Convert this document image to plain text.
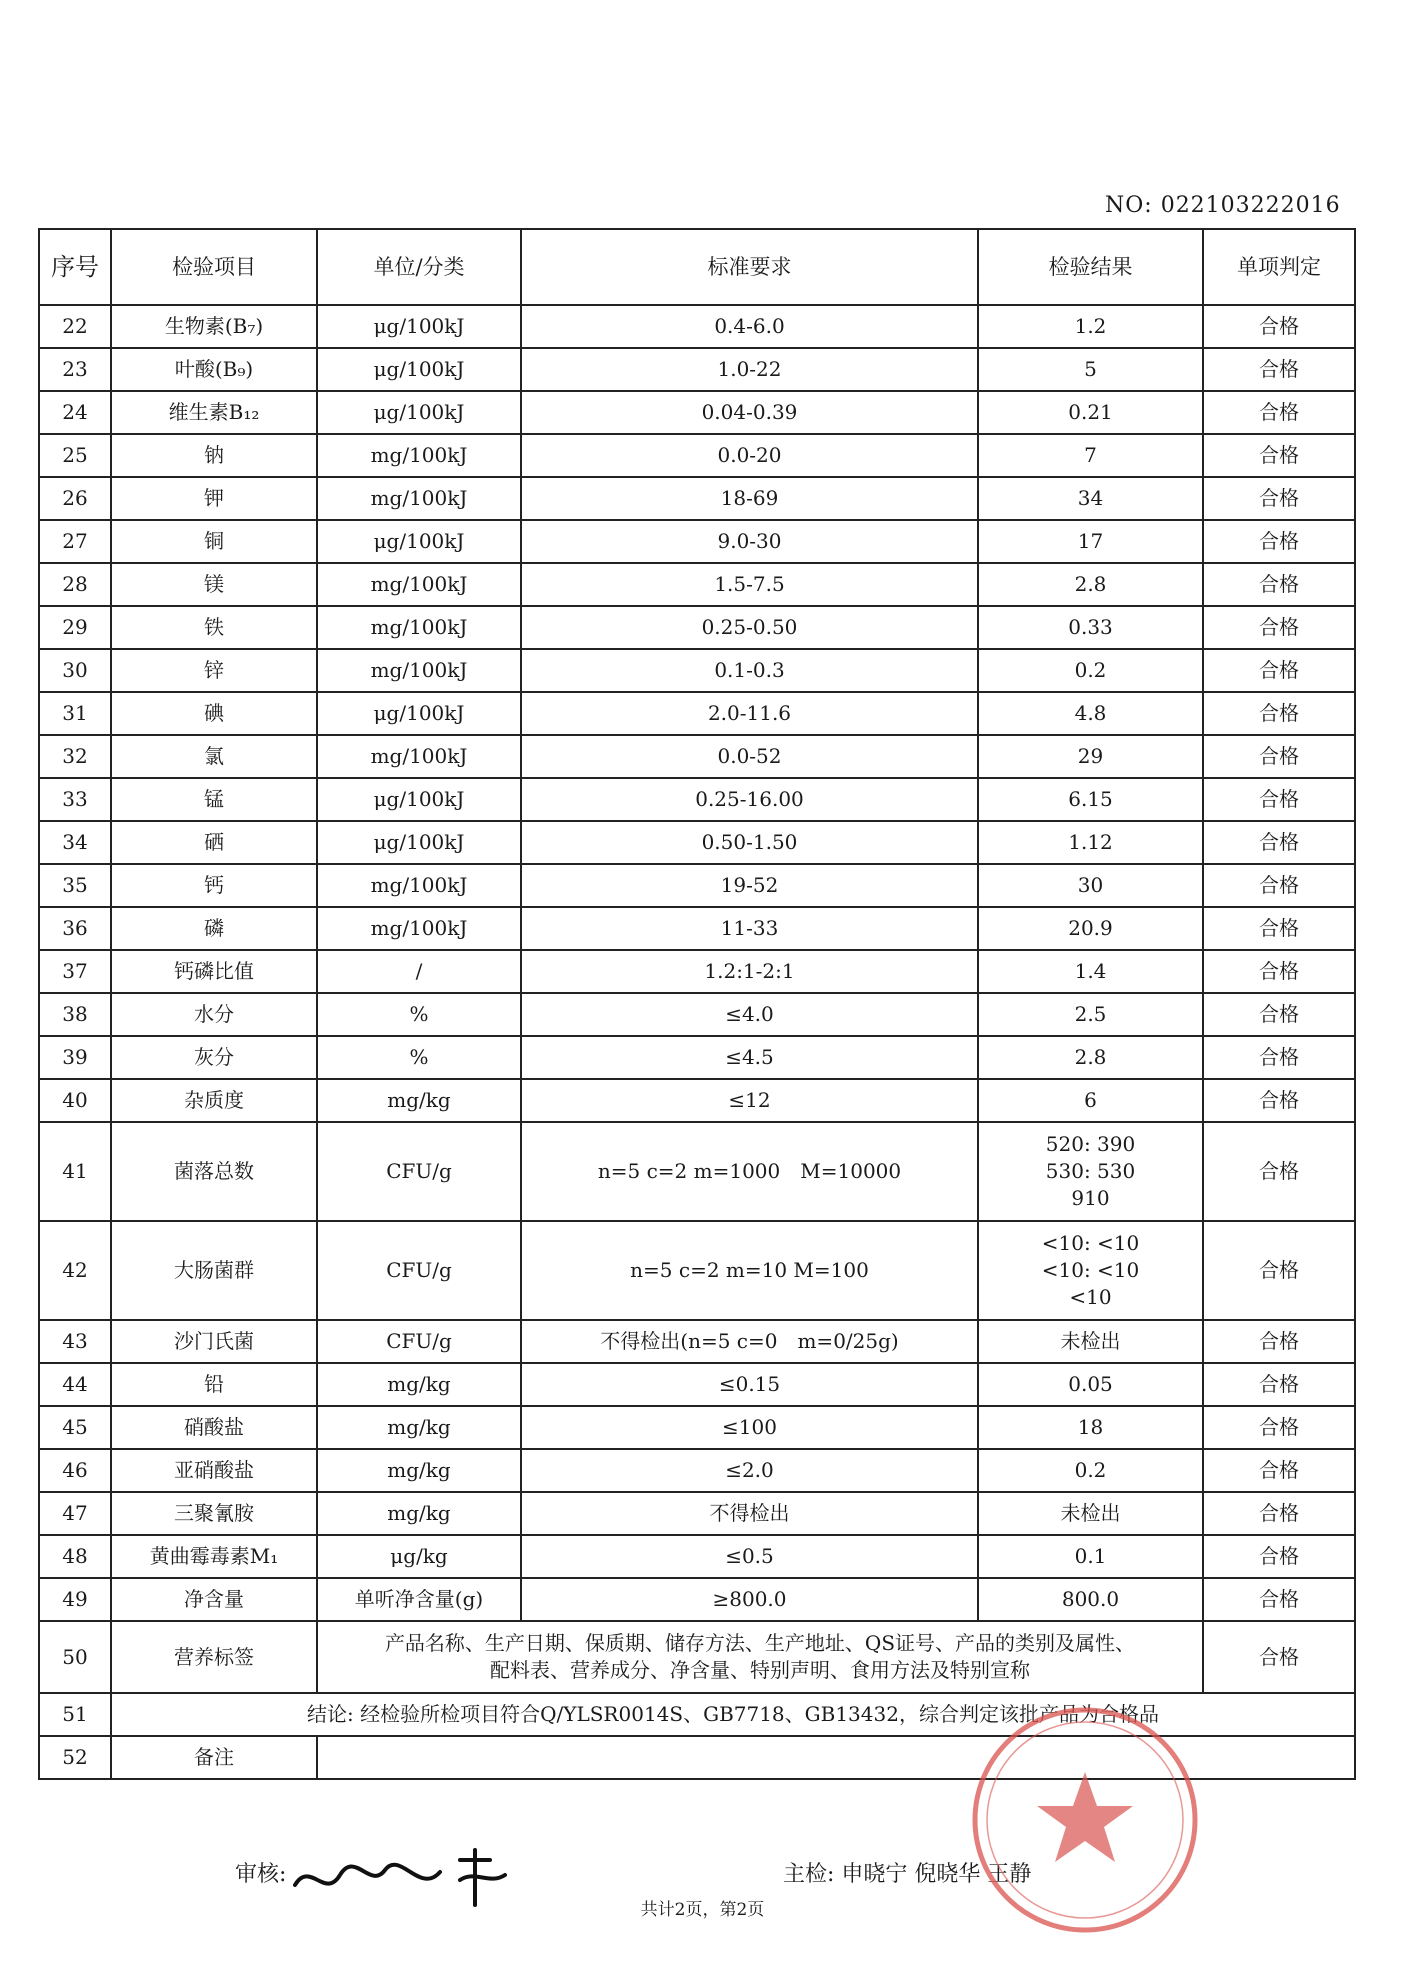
NO: 022103222016
序号	检验项目	单位/分类	标准要求	检验结果	单项判定
22	生物素(B₇)	μg/100kJ	0.4-6.0	1.2	合格
23	叶酸(B₉)	μg/100kJ	1.0-22	5	合格
24	维生素B₁₂	μg/100kJ	0.04-0.39	0.21	合格
25	钠	mg/100kJ	0.0-20	7	合格
26	钾	mg/100kJ	18-69	34	合格
27	铜	μg/100kJ	9.0-30	17	合格
28	镁	mg/100kJ	1.5-7.5	2.8	合格
29	铁	mg/100kJ	0.25-0.50	0.33	合格
30	锌	mg/100kJ	0.1-0.3	0.2	合格
31	碘	μg/100kJ	2.0-11.6	4.8	合格
32	氯	mg/100kJ	0.0-52	29	合格
33	锰	μg/100kJ	0.25-16.00	6.15	合格
34	硒	μg/100kJ	0.50-1.50	1.12	合格
35	钙	mg/100kJ	19-52	30	合格
36	磷	mg/100kJ	11-33	20.9	合格
37	钙磷比值	/	1.2:1-2:1	1.4	合格
38	水分	%	≤4.0	2.5	合格
39	灰分	%	≤4.5	2.8	合格
40	杂质度	mg/kg	≤12	6	合格
41	菌落总数	CFU/g	n=5 c=2 m=1000　M=10000	520: 390
530: 530
910	合格
42	大肠菌群	CFU/g	n=5 c=2 m=10 M=100	<10: <10
<10: <10
<10	合格
43	沙门氏菌	CFU/g	不得检出(n=5 c=0　m=0/25g)	未检出	合格
44	铅	mg/kg	≤0.15	0.05	合格
45	硝酸盐	mg/kg	≤100	18	合格
46	亚硝酸盐	mg/kg	≤2.0	0.2	合格
47	三聚氰胺	mg/kg	不得检出	未检出	合格
48	黄曲霉毒素M₁	μg/kg	≤0.5	0.1	合格
49	净含量	单听净含量(g)	≥800.0	800.0	合格
50	营养标签	产品名称、生产日期、保质期、储存方法、生产地址、QS证号、产品的类别及属性、
配料表、营养成分、净含量、特别声明、食用方法及特别宣称			合格
51	结论: 经检验所检项目符合Q/YLSR0014S、GB7718、GB13432，综合判定该批产品为合格品				
52	备注				
审核:	主检: 申晓宁 倪晓华 王静
共计2页，第2页
